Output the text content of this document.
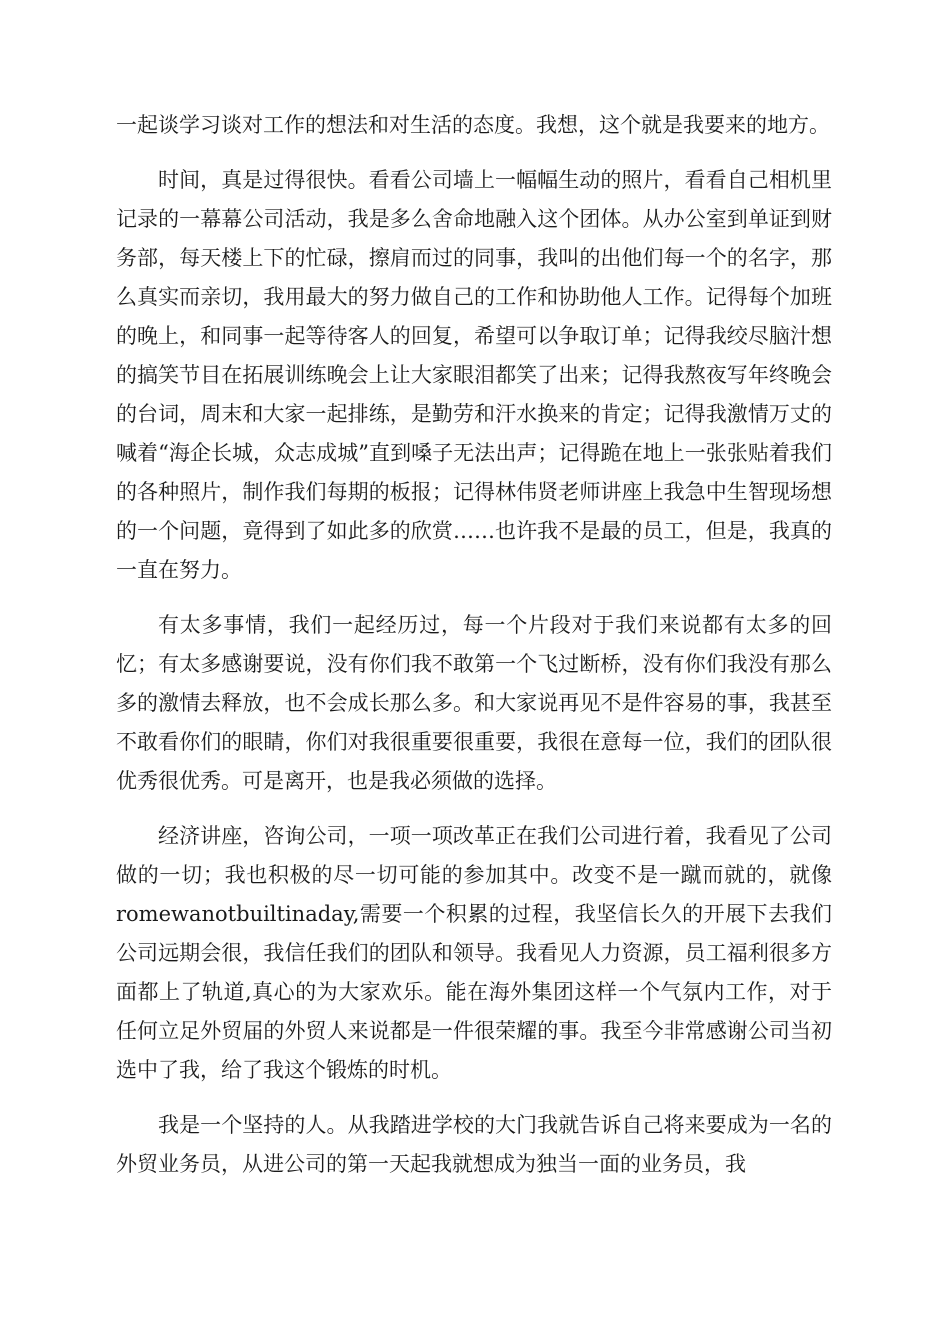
一起谈学习谈对工作的想法和对生活的态度。我想，这个就是我要来的地方。

时间，真是过得很快。看看公司墙上一幅幅生动的照片，看看自己相机里记录的一幕幕公司活动，我是多么舍命地融入这个团体。从办公室到单证到财务部，每天楼上下的忙碌，擦肩而过的同事，我叫的出他们每一个的名字，那么真实而亲切，我用最大的努力做自己的工作和协助他人工作。记得每个加班的晚上，和同事一起等待客人的回复，希望可以争取订单；记得我绞尽脑汁想的搞笑节目在拓展训练晚会上让大家眼泪都笑了出来；记得我熬夜写年终晚会的台词，周末和大家一起排练，是勤劳和汗水换来的肯定；记得我激情万丈的喊着“海企长城，众志成城”直到嗓子无法出声；记得跪在地上一张张贴着我们的各种照片，制作我们每期的板报；记得林伟贤老师讲座上我急中生智现场想的一个问题，竟得到了如此多的欣赏……也许我不是最的员工，但是，我真的一直在努力。

有太多事情，我们一起经历过，每一个片段对于我们来说都有太多的回忆；有太多感谢要说，没有你们我不敢第一个飞过断桥，没有你们我没有那么多的激情去释放，也不会成长那么多。和大家说再见不是件容易的事，我甚至不敢看你们的眼睛，你们对我很重要很重要，我很在意每一位，我们的团队很优秀很优秀。可是离开，也是我必须做的选择。

经济讲座，咨询公司，一项一项改革正在我们公司进行着，我看见了公司做的一切；我也积极的尽一切可能的参加其中。改变不是一蹴而就的，就像romewanotbuiltinaday,需要一个积累的过程，我坚信长久的开展下去我们公司远期会很，我信任我们的团队和领导。我看见人力资源，员工福利很多方面都上了轨道,真心的为大家欢乐。能在海外集团这样一个气氛内工作，对于任何立足外贸届的外贸人来说都是一件很荣耀的事。我至今非常感谢公司当初选中了我，给了我这个锻炼的时机。

我是一个坚持的人。从我踏进学校的大门我就告诉自己将来要成为一名的外贸业务员，从进公司的第一天起我就想成为独当一面的业务员，我
